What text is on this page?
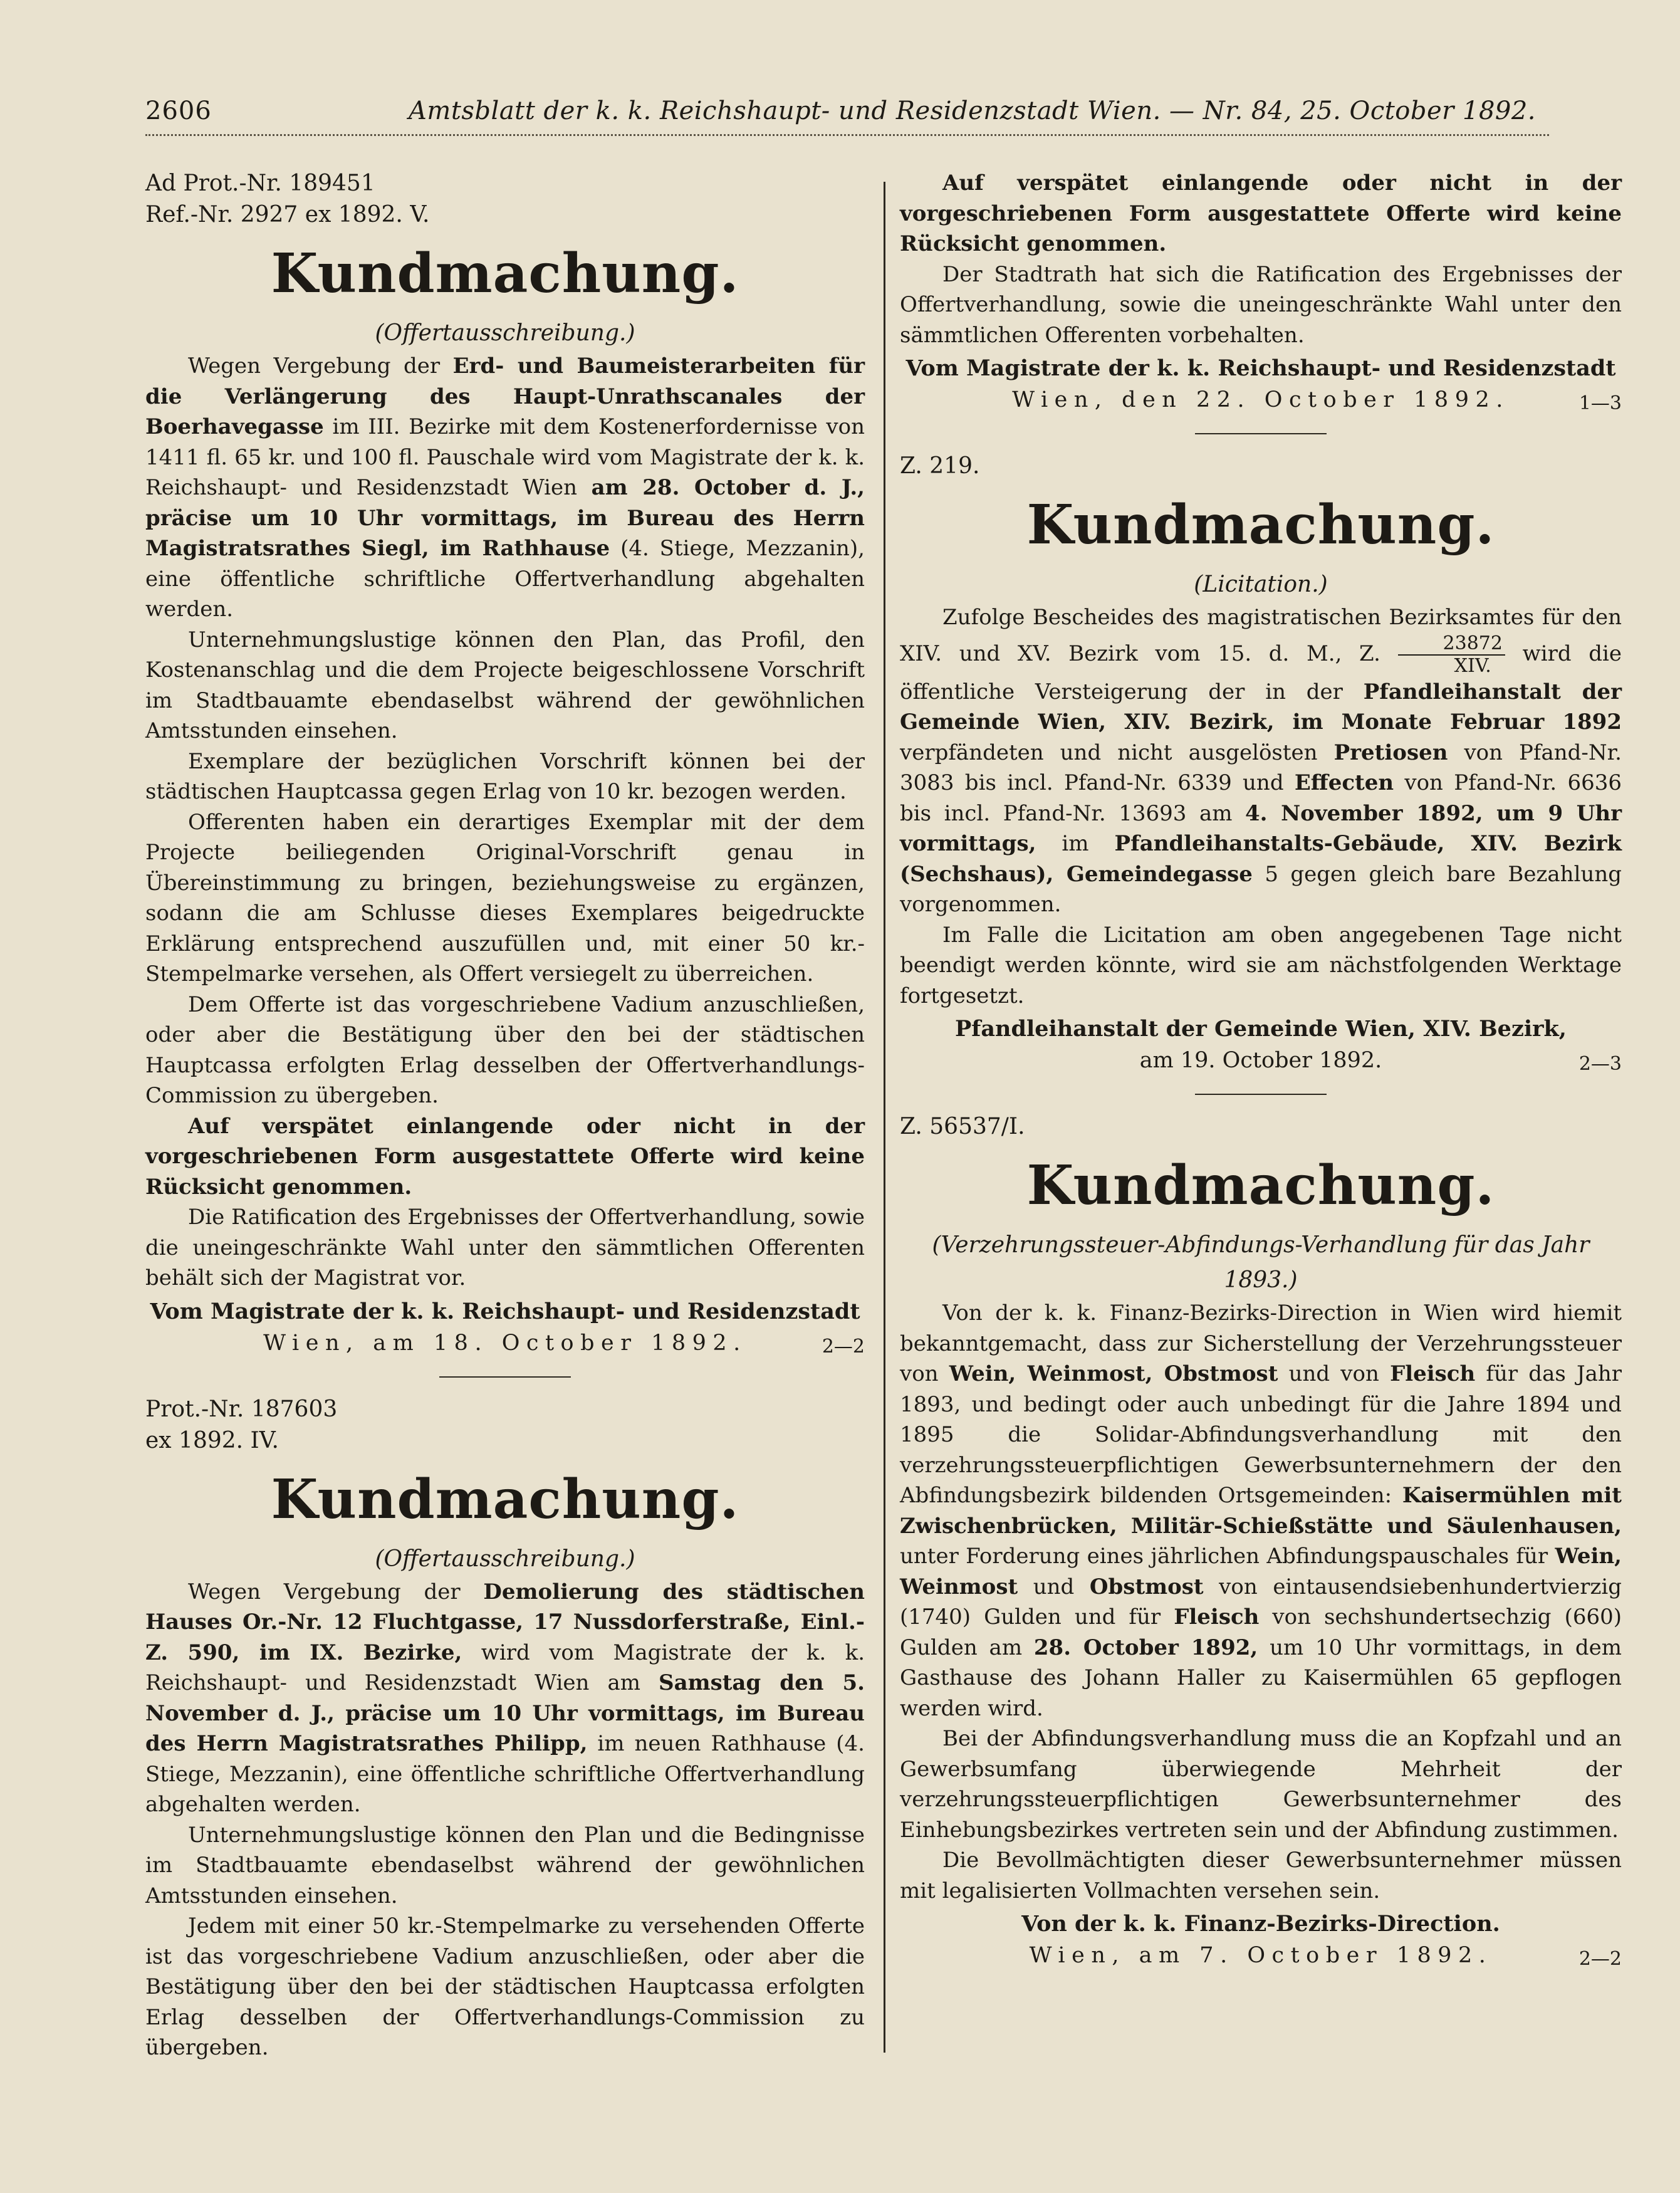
2606	Amtsblatt der k. k. Reichshaupt- und Residenzstadt Wien. — Nr. 84, 25. October 1892.
Ad Prot.-Nr. 189451
Ref.-Nr. 2927 ex 1892. V.
Kundmachung.
(Offertausschreibung.)

Wegen Vergebung der Erd- und Baumeisterarbeiten für die Verlängerung des Haupt-Unrathscanales der Boerhavegasse im III. Bezirke mit dem Kostenerfordernisse von 1411 fl. 65 kr. und 100 fl. Pauschale wird vom Magistrate der k. k. Reichshaupt- und Residenzstadt Wien am 28. October d. J., präcise um 10 Uhr vormittags, im Bureau des Herrn Magistratsrathes Siegl, im Rathhause (4. Stiege, Mezzanin), eine öffentliche schriftliche Offertverhandlung abgehalten werden.

Unternehmungslustige können den Plan, das Profil, den Kostenanschlag und die dem Projecte beigeschlossene Vorschrift im Stadtbauamte ebendaselbst während der gewöhnlichen Amtsstunden einsehen.

Exemplare der bezüglichen Vorschrift können bei der städtischen Hauptcassa gegen Erlag von 10 kr. bezogen werden.

Offerenten haben ein derartiges Exemplar mit der dem Projecte beiliegenden Original-Vorschrift genau in Übereinstimmung zu bringen, beziehungsweise zu ergänzen, sodann die am Schlusse dieses Exemplares beigedruckte Erklärung entsprechend auszufüllen und, mit einer 50 kr.-Stempelmarke versehen, als Offert versiegelt zu überreichen.

Dem Offerte ist das vorgeschriebene Vadium anzuschließen, oder aber die Bestätigung über den bei der städtischen Hauptcassa erfolgten Erlag desselben der Offertverhandlungs-Commission zu übergeben.

Auf verspätet einlangende oder nicht in der vorgeschriebenen Form ausgestattete Offerte wird keine Rücksicht genommen.

Die Ratification des Ergebnisses der Offertverhandlung, sowie die uneingeschränkte Wahl unter den sämmtlichen Offerenten behält sich der Magistrat vor.

Vom Magistrate der k. k. Reichshaupt- und Residenzstadt
Wien, am 18. October 1892.	2—2
Prot.-Nr. 187603
ex 1892. IV.
Kundmachung.
(Offertausschreibung.)

Wegen Vergebung der Demolierung des städtischen Hauses Or.-Nr. 12 Fluchtgasse, 17 Nussdorferstraße, Einl.-Z. 590, im IX. Bezirke, wird vom Magistrate der k. k. Reichshaupt- und Residenzstadt Wien am Samstag den 5. November d. J., präcise um 10 Uhr vormittags, im Bureau des Herrn Magistratsrathes Philipp, im neuen Rathhause (4. Stiege, Mezzanin), eine öffentliche schriftliche Offertverhandlung abgehalten werden.

Unternehmungslustige können den Plan und die Bedingnisse im Stadtbauamte ebendaselbst während der gewöhnlichen Amtsstunden einsehen.

Jedem mit einer 50 kr.-Stempelmarke zu versehenden Offerte ist das vorgeschriebene Vadium anzuschließen, oder aber die Bestätigung über den bei der städtischen Hauptcassa erfolgten Erlag desselben der Offertverhandlungs-Commission zu übergeben.

Auf verspätet einlangende oder nicht in der vorgeschriebenen Form ausgestattete Offerte wird keine Rücksicht genommen.

Der Stadtrath hat sich die Ratification des Ergebnisses der Offertverhandlung, sowie die uneingeschränkte Wahl unter den sämmtlichen Offerenten vorbehalten.

Vom Magistrate der k. k. Reichshaupt- und Residenzstadt
Wien, den 22. October 1892.	1—3
Z. 219.
Kundmachung.
(Licitation.)

Zufolge Bescheides des magistratischen Bezirksamtes für den XIV. und XV. Bezirk vom 15. d. M., Z. $\frac{23872}{\text{XIV.}}$ wird die öffentliche Versteigerung der in der Pfandleihanstalt der Gemeinde Wien, XIV. Bezirk, im Monate Februar 1892 verpfändeten und nicht ausgelösten Pretiosen von Pfand-Nr. 3083 bis incl. Pfand-Nr. 6339 und Effecten von Pfand-Nr. 6636 bis incl. Pfand-Nr. 13693 am 4. November 1892, um 9 Uhr vormittags, im Pfandleihanstalts-Gebäude, XIV. Bezirk (Sechshaus), Gemeindegasse 5 gegen gleich bare Bezahlung vorgenommen.

Im Falle die Licitation am oben angegebenen Tage nicht beendigt werden könnte, wird sie am nächstfolgenden Werktage fortgesetzt.

Pfandleihanstalt der Gemeinde Wien, XIV. Bezirk,
am 19. October 1892.	2—3
Z. 56537/I.
Kundmachung.
(Verzehrungssteuer-Abfindungs-Verhandlung für das Jahr 1893.)

Von der k. k. Finanz-Bezirks-Direction in Wien wird hiemit bekanntgemacht, dass zur Sicherstellung der Verzehrungssteuer von Wein, Weinmost, Obstmost und von Fleisch für das Jahr 1893, und bedingt oder auch unbedingt für die Jahre 1894 und 1895 die Solidar-Abfindungsverhandlung mit den verzehrungssteuerpflichtigen Gewerbsunternehmern der den Abfindungsbezirk bildenden Ortsgemeinden: Kaisermühlen mit Zwischenbrücken, Militär-Schießstätte und Säulenhausen, unter Forderung eines jährlichen Abfindungspauschales für Wein, Weinmost und Obstmost von eintausendsiebenhundertvierzig (1740) Gulden und für Fleisch von sechshundertsechzig (660) Gulden am 28. October 1892, um 10 Uhr vormittags, in dem Gasthause des Johann Haller zu Kaisermühlen 65 gepflogen werden wird.

Bei der Abfindungsverhandlung muss die an Kopfzahl und an Gewerbsumfang überwiegende Mehrheit der verzehrungssteuerpflichtigen Gewerbsunternehmer des Einhebungsbezirkes vertreten sein und der Abfindung zustimmen.

Die Bevollmächtigten dieser Gewerbsunternehmer müssen mit legalisierten Vollmachten versehen sein.

Von der k. k. Finanz-Bezirks-Direction.
Wien, am 7. October 1892.	2—2
